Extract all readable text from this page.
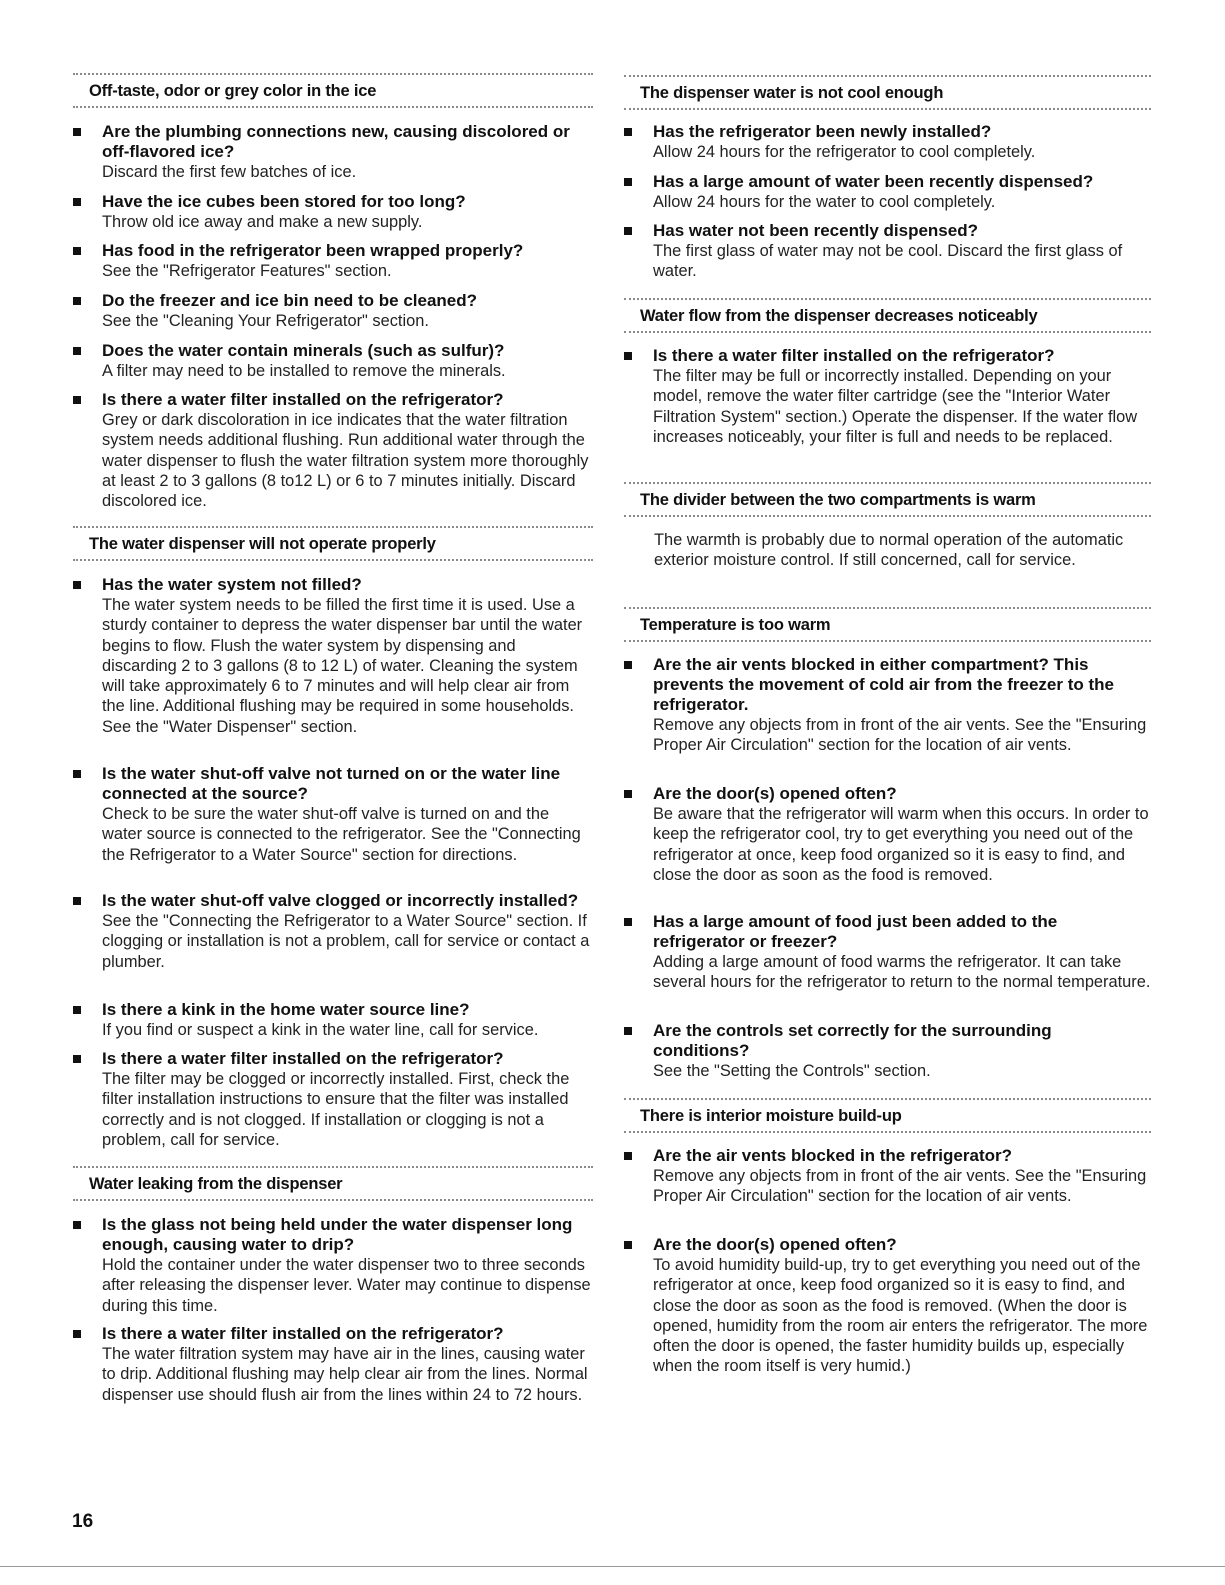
Off-taste, odor or grey color in the ice
Are the plumbing connections new, causing discolored or off-flavored ice?
Discard the first few batches of ice.
Have the ice cubes been stored for too long?
Throw old ice away and make a new supply.
Has food in the refrigerator been wrapped properly?
See the "Refrigerator Features" section.
Do the freezer and ice bin need to be cleaned?
See the "Cleaning Your Refrigerator" section.
Does the water contain minerals (such as sulfur)?
A filter may need to be installed to remove the minerals.
Is there a water filter installed on the refrigerator?
Grey or dark discoloration in ice indicates that the water filtration system needs additional flushing. Run additional water through the water dispenser to flush the water filtration system more thoroughly at least 2 to 3 gallons (8 to12 L) or 6 to 7 minutes initially. Discard discolored ice.
The water dispenser will not operate properly
Has the water system not filled?
The water system needs to be filled the first time it is used. Use a sturdy container to depress the water dispenser bar until the water begins to flow. Flush the water system by dispensing and discarding 2 to 3 gallons (8 to 12 L) of water. Cleaning the system will take approximately 6 to 7 minutes and will help clear air from the line. Additional flushing may be required in some households. See the "Water Dispenser" section.
Is the water shut-off valve not turned on or the water line connected at the source?
Check to be sure the water shut-off valve is turned on and the water source is connected to the refrigerator. See the "Connecting the Refrigerator to a Water Source" section for directions.
Is the water shut-off valve clogged or incorrectly installed?
See the "Connecting the Refrigerator to a Water Source" section. If clogging or installation is not a problem, call for service or contact a plumber.
Is there a kink in the home water source line?
If you find or suspect a kink in the water line, call for service.
Is there a water filter installed on the refrigerator?
The filter may be clogged or incorrectly installed. First, check the filter installation instructions to ensure that the filter was installed correctly and is not clogged. If installation or clogging is not a problem, call for service.
Water leaking from the dispenser
Is the glass not being held under the water dispenser long enough, causing water to drip?
Hold the container under the water dispenser two to three seconds after releasing the dispenser lever. Water may continue to dispense during this time.
Is there a water filter installed on the refrigerator?
The water filtration system may have air in the lines, causing water to drip. Additional flushing may help clear air from the lines. Normal dispenser use should flush air from the lines within 24 to 72 hours.
The dispenser water is not cool enough
Has the refrigerator been newly installed?
Allow 24 hours for the refrigerator to cool completely.
Has a large amount of water been recently dispensed?
Allow 24 hours for the water to cool completely.
Has water not been recently dispensed?
The first glass of water may not be cool. Discard the first glass of water.
Water flow from the dispenser decreases noticeably
Is there a water filter installed on the refrigerator?
The filter may be full or incorrectly installed. Depending on your model, remove the water filter cartridge (see the "Interior Water Filtration System" section.) Operate the dispenser. If the water flow increases noticeably, your filter is full and needs to be replaced.
The divider between the two compartments is warm
The warmth is probably due to normal operation of the automatic exterior moisture control. If still concerned, call for service.
Temperature is too warm
Are the air vents blocked in either compartment? This prevents the movement of cold air from the freezer to the refrigerator.
Remove any objects from in front of the air vents. See the "Ensuring Proper Air Circulation" section for the location of air vents.
Are the door(s) opened often?
Be aware that the refrigerator will warm when this occurs. In order to keep the refrigerator cool, try to get everything you need out of the refrigerator at once, keep food organized so it is easy to find, and close the door as soon as the food is removed.
Has a large amount of food just been added to the refrigerator or freezer?
Adding a large amount of food warms the refrigerator. It can take several hours for the refrigerator to return to the normal temperature.
Are the controls set correctly for the surrounding conditions?
See the "Setting the Controls" section.
There is interior moisture build-up
Are the air vents blocked in the refrigerator?
Remove any objects from in front of the air vents. See the "Ensuring Proper Air Circulation" section for the location of air vents.
Are the door(s) opened often?
To avoid humidity build-up, try to get everything you need out of the refrigerator at once, keep food organized so it is easy to find, and close the door as soon as the food is removed. (When the door is opened, humidity from the room air enters the refrigerator. The more often the door is opened, the faster humidity builds up, especially when the room itself is very humid.)
16
